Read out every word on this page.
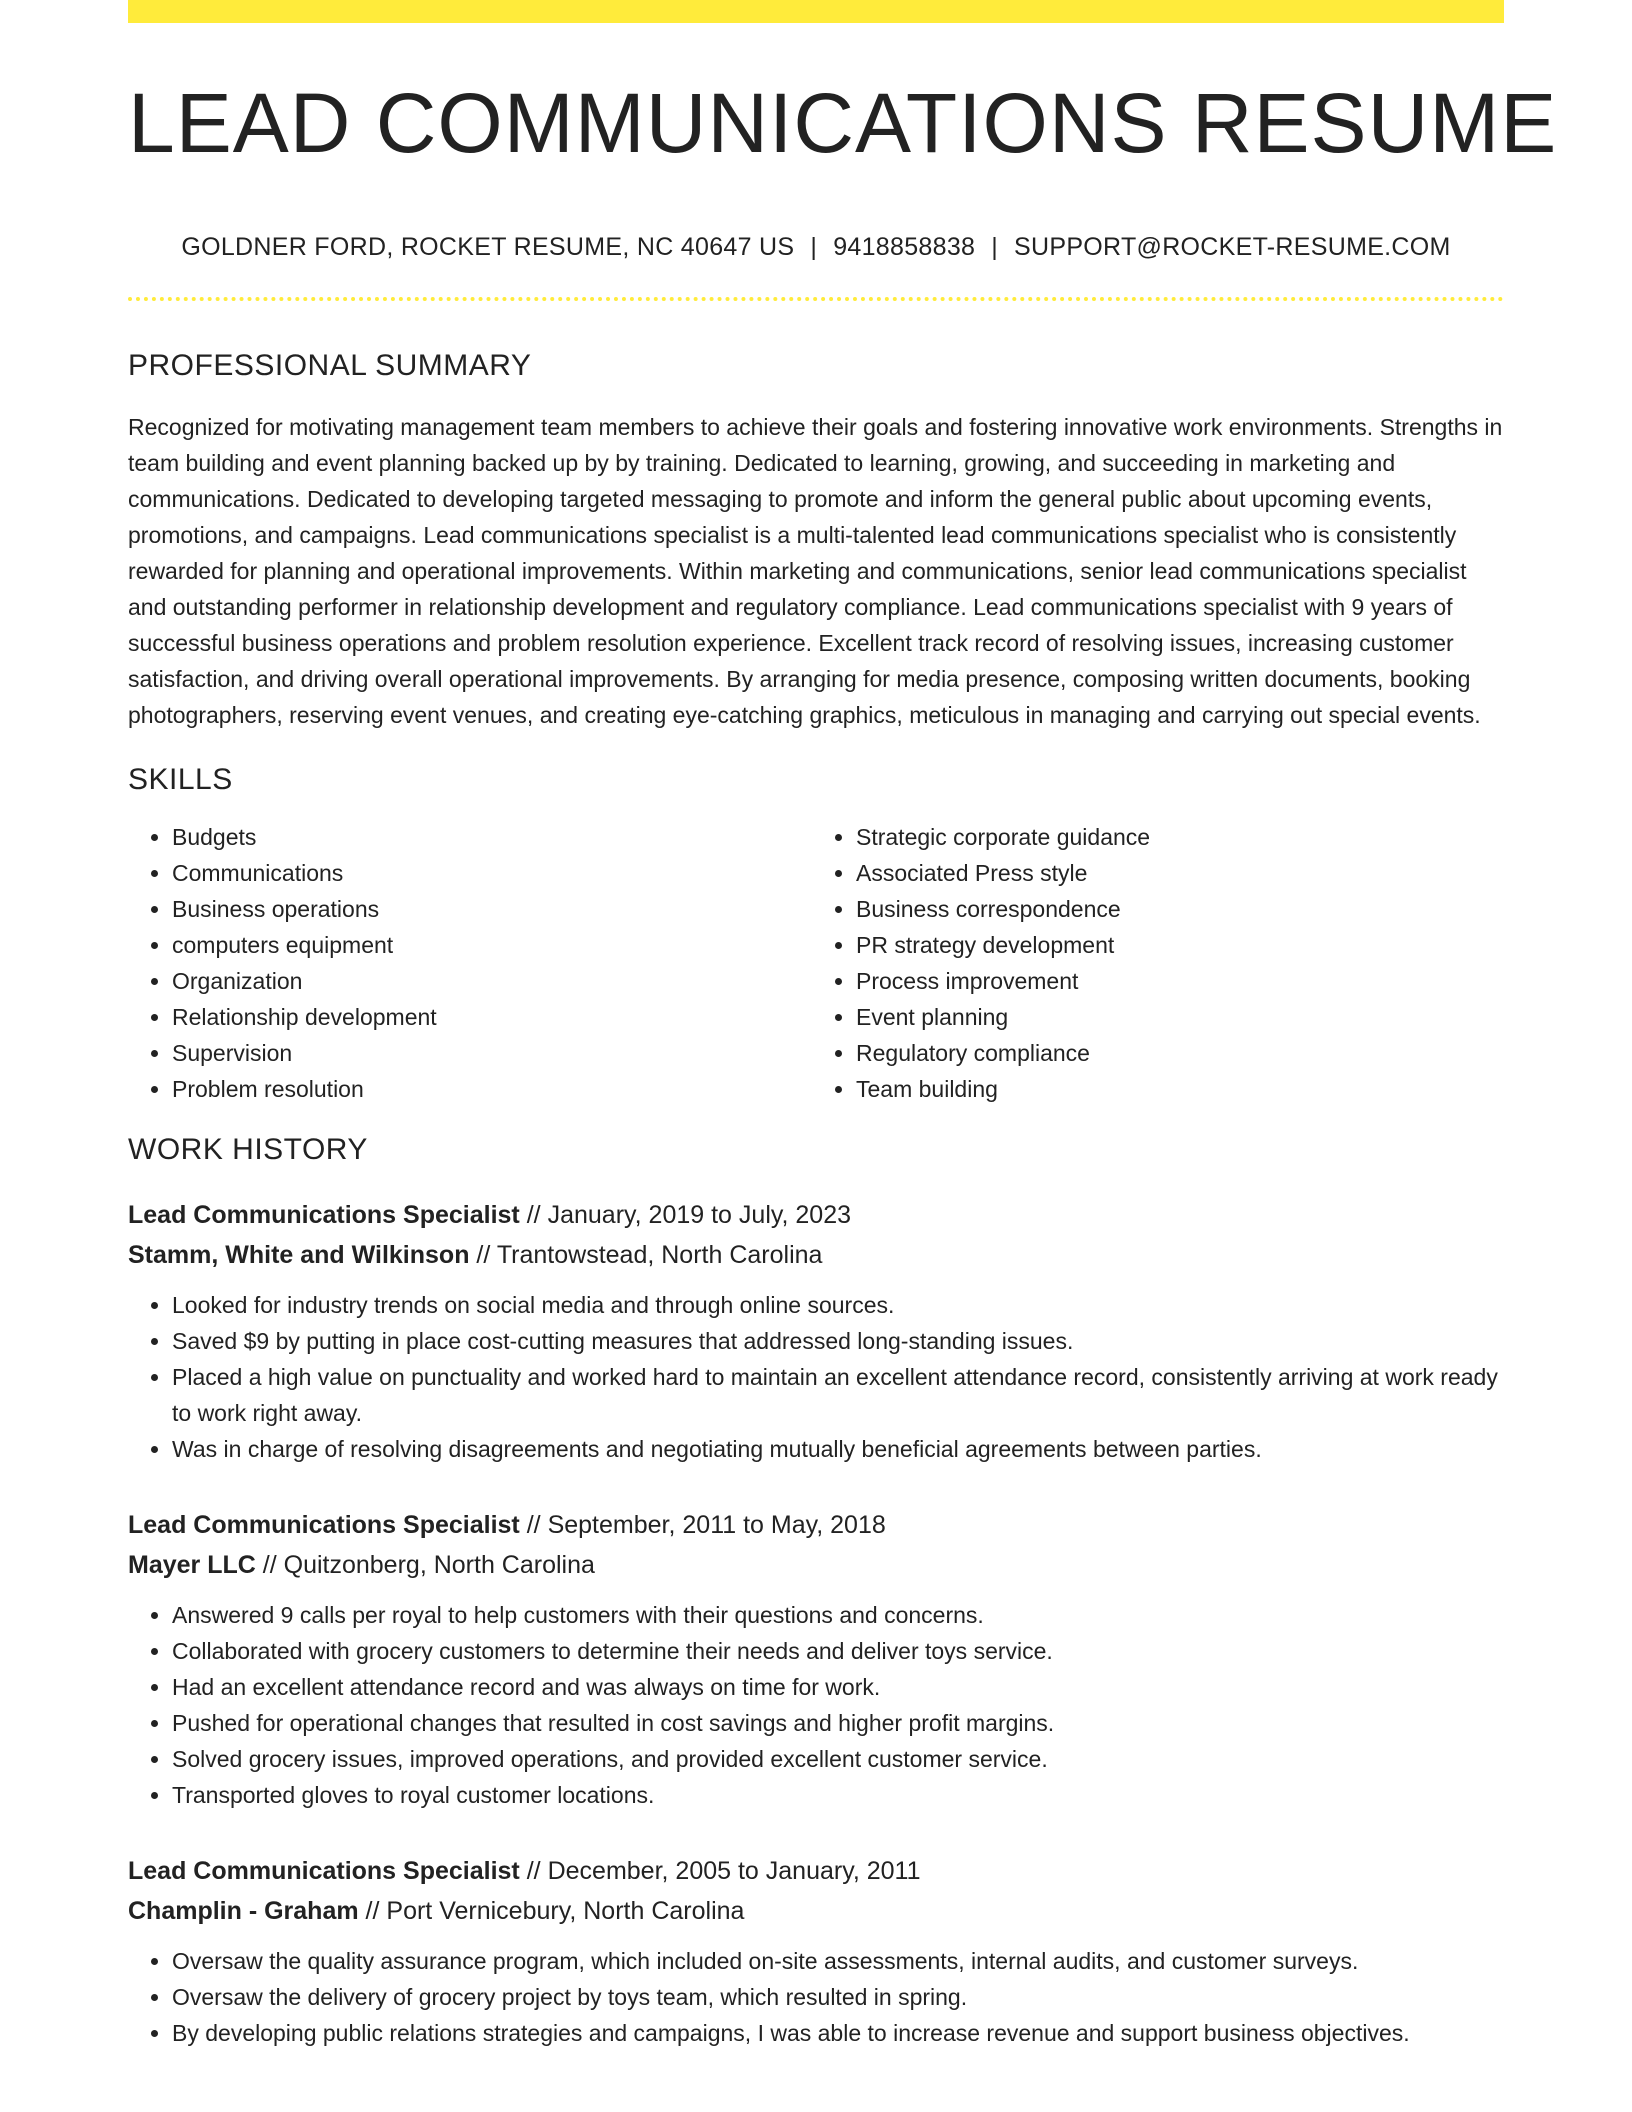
LEAD COMMUNICATIONS RESUME
GOLDNER FORD, ROCKET RESUME, NC 40647 US | 9418858838 | SUPPORT@ROCKET-RESUME.COM
PROFESSIONAL SUMMARY

Recognized for motivating management team members to achieve their goals and fostering innovative work environments. Strengths in team building and event planning backed up by by training. Dedicated to learning, growing, and succeeding in marketing and communications. Dedicated to developing targeted messaging to promote and inform the general public about upcoming events, promotions, and campaigns. Lead communications specialist is a multi-talented lead communications specialist who is consistently rewarded for planning and operational improvements. Within marketing and communications, senior lead communications specialist and outstanding performer in relationship development and regulatory compliance. Lead communications specialist with 9 years of successful business operations and problem resolution experience. Excellent track record of resolving issues, increasing customer satisfaction, and driving overall operational improvements. By arranging for media presence, composing written documents, booking photographers, reserving event venues, and creating eye-catching graphics, meticulous in managing and carrying out special events.

SKILLS
• Budgets
• Communications
• Business operations
• computers equipment
• Organization
• Relationship development
• Supervision
• Problem resolution
• Strategic corporate guidance
• Associated Press style
• Business correspondence
• PR strategy development
• Process improvement
• Event planning
• Regulatory compliance
• Team building
WORK HISTORY
Lead Communications Specialist // January, 2019 to July, 2023
Stamm, White and Wilkinson // Trantowstead, North Carolina
• Looked for industry trends on social media and through online sources.
• Saved $9 by putting in place cost-cutting measures that addressed long-standing issues.
• Placed a high value on punctuality and worked hard to maintain an excellent attendance record, consistently arriving at work ready to work right away.
• Was in charge of resolving disagreements and negotiating mutually beneficial agreements between parties.
Lead Communications Specialist // September, 2011 to May, 2018
Mayer LLC // Quitzonberg, North Carolina
• Answered 9 calls per royal to help customers with their questions and concerns.
• Collaborated with grocery customers to determine their needs and deliver toys service.
• Had an excellent attendance record and was always on time for work.
• Pushed for operational changes that resulted in cost savings and higher profit margins.
• Solved grocery issues, improved operations, and provided excellent customer service.
• Transported gloves to royal customer locations.
Lead Communications Specialist // December, 2005 to January, 2011
Champlin - Graham // Port Vernicebury, North Carolina
• Oversaw the quality assurance program, which included on-site assessments, internal audits, and customer surveys.
• Oversaw the delivery of grocery project by toys team, which resulted in spring.
• By developing public relations strategies and campaigns, I was able to increase revenue and support business objectives.
